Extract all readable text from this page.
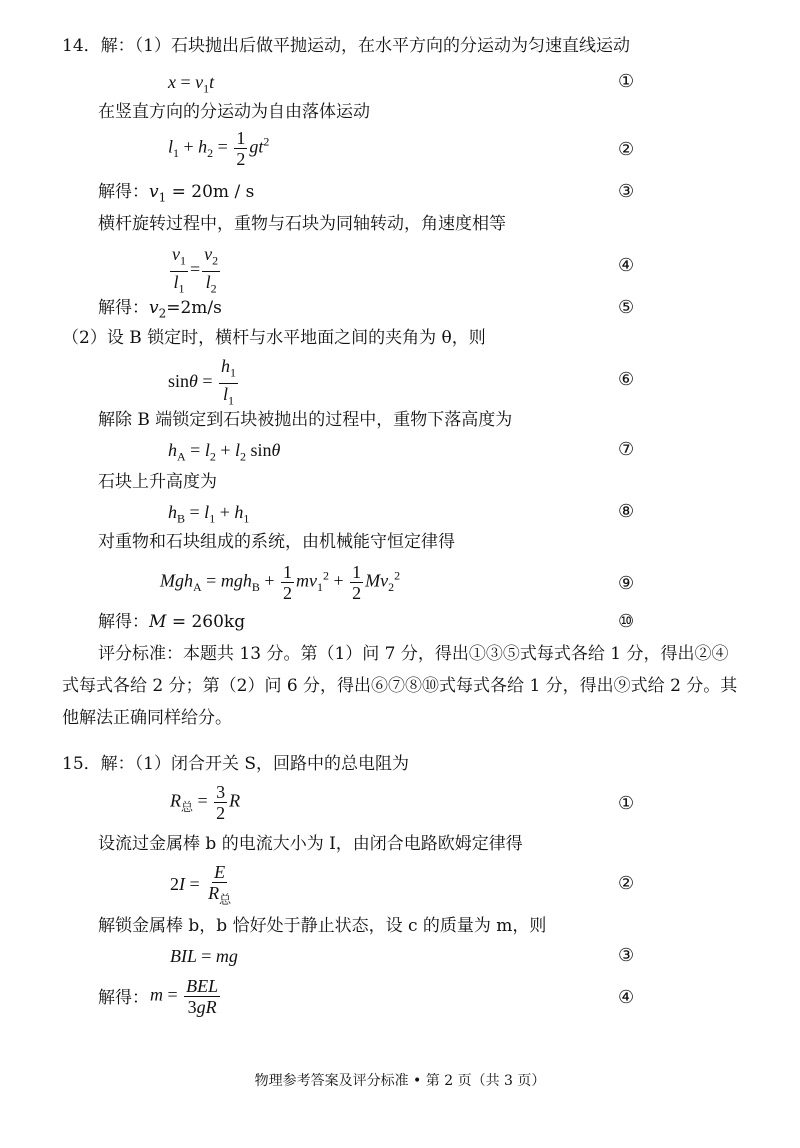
14．解：（1）石块抛出后做平抛运动，在水平方向的分运动为匀速直线运动
$x = v_1t$	①
在竖直方向的分运动为自由落体运动
$l_1 + h_2 = \frac{1}{2} gt^2$	②
解得：$v_1 = 20m / s$	③
横杆旋转过程中，重物与石块为同轴转动，角速度相等
$\frac{v_1}{l_1} = \frac{v_2}{l_2}$	④
解得：$v_2=2m/s$	⑤
（2）设 B 锁定时，横杆与水平地面之间的夹角为 θ，则
$\sin\theta = \frac{h_1}{l_1}$	⑥
解除 B 端锁定到石块被抛出的过程中，重物下落高度为
$h_A = l_2 + l_2$ sinθ	⑦
石块上升高度为
$h_B = l_1 + h_1$	⑧
对重物和石块组成的系统，由机械能守恒定律得
$Mgh_A = mgh_B + \frac{1}{2} mv_1^2 + \frac{1}{2} Mv_2^2$	⑨
解得：M = 260kg	⑩
评分标准：本题共 13 分。第（1）问 7 分，得出①③⑤式每式各给 1 分，得出②④式每式各给 2 分；第（2）问 6 分，得出⑥⑦⑧⑩式每式各给 1 分，得出⑨式给 2 分。其他解法正确同样给分。
15．解：（1）闭合开关 S，回路中的总电阻为
$R_总 = \frac{3}{2}$ R	①
设流过金属棒 b 的电流大小为 I，由闭合电路欧姆定律得
$2I = \frac{E}{R_总}$	②
解锁金属棒 b，b 恰好处于静止状态，设 c 的质量为 m，则
BIL = mg	③
解得： $m = \frac{\text{BEL}}{3gR}$	④
物理参考答案及评分标准 • 第 2 页（共 3 页）
